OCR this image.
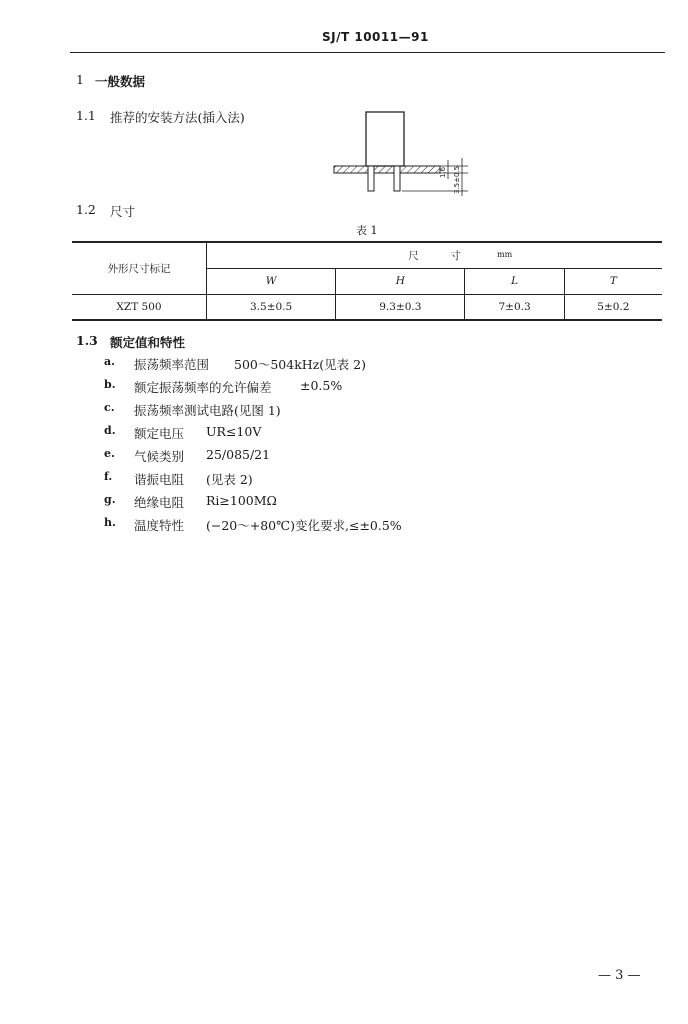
SJ/T 10011—91
1 一般数据
1.1 推荐的安装方法(插入法)
1.6 3.5±0.5
1.2 尺寸
表 1
外形尺寸标记	尺　　　寸 mm			

	W	H	L	T
XZT 500	3.5±0.5	9.3±0.3	7±0.3	5±0.2
1.3 额定值和特性
a. 振荡频率范围 500～504kHz(见表 2)
b. 额定振荡频率的允许偏差 ±0.5%
c. 振荡频率测试电路(见图 1)
d. 额定电压 UR≤10V
e. 气候类别 25/085/21
f. 谐振电阻 (见表 2)
g. 绝缘电阻 Ri≥100MΩ
h. 温度特性 (−20～+80℃)变化要求,≤±0.5%
— 3 —
